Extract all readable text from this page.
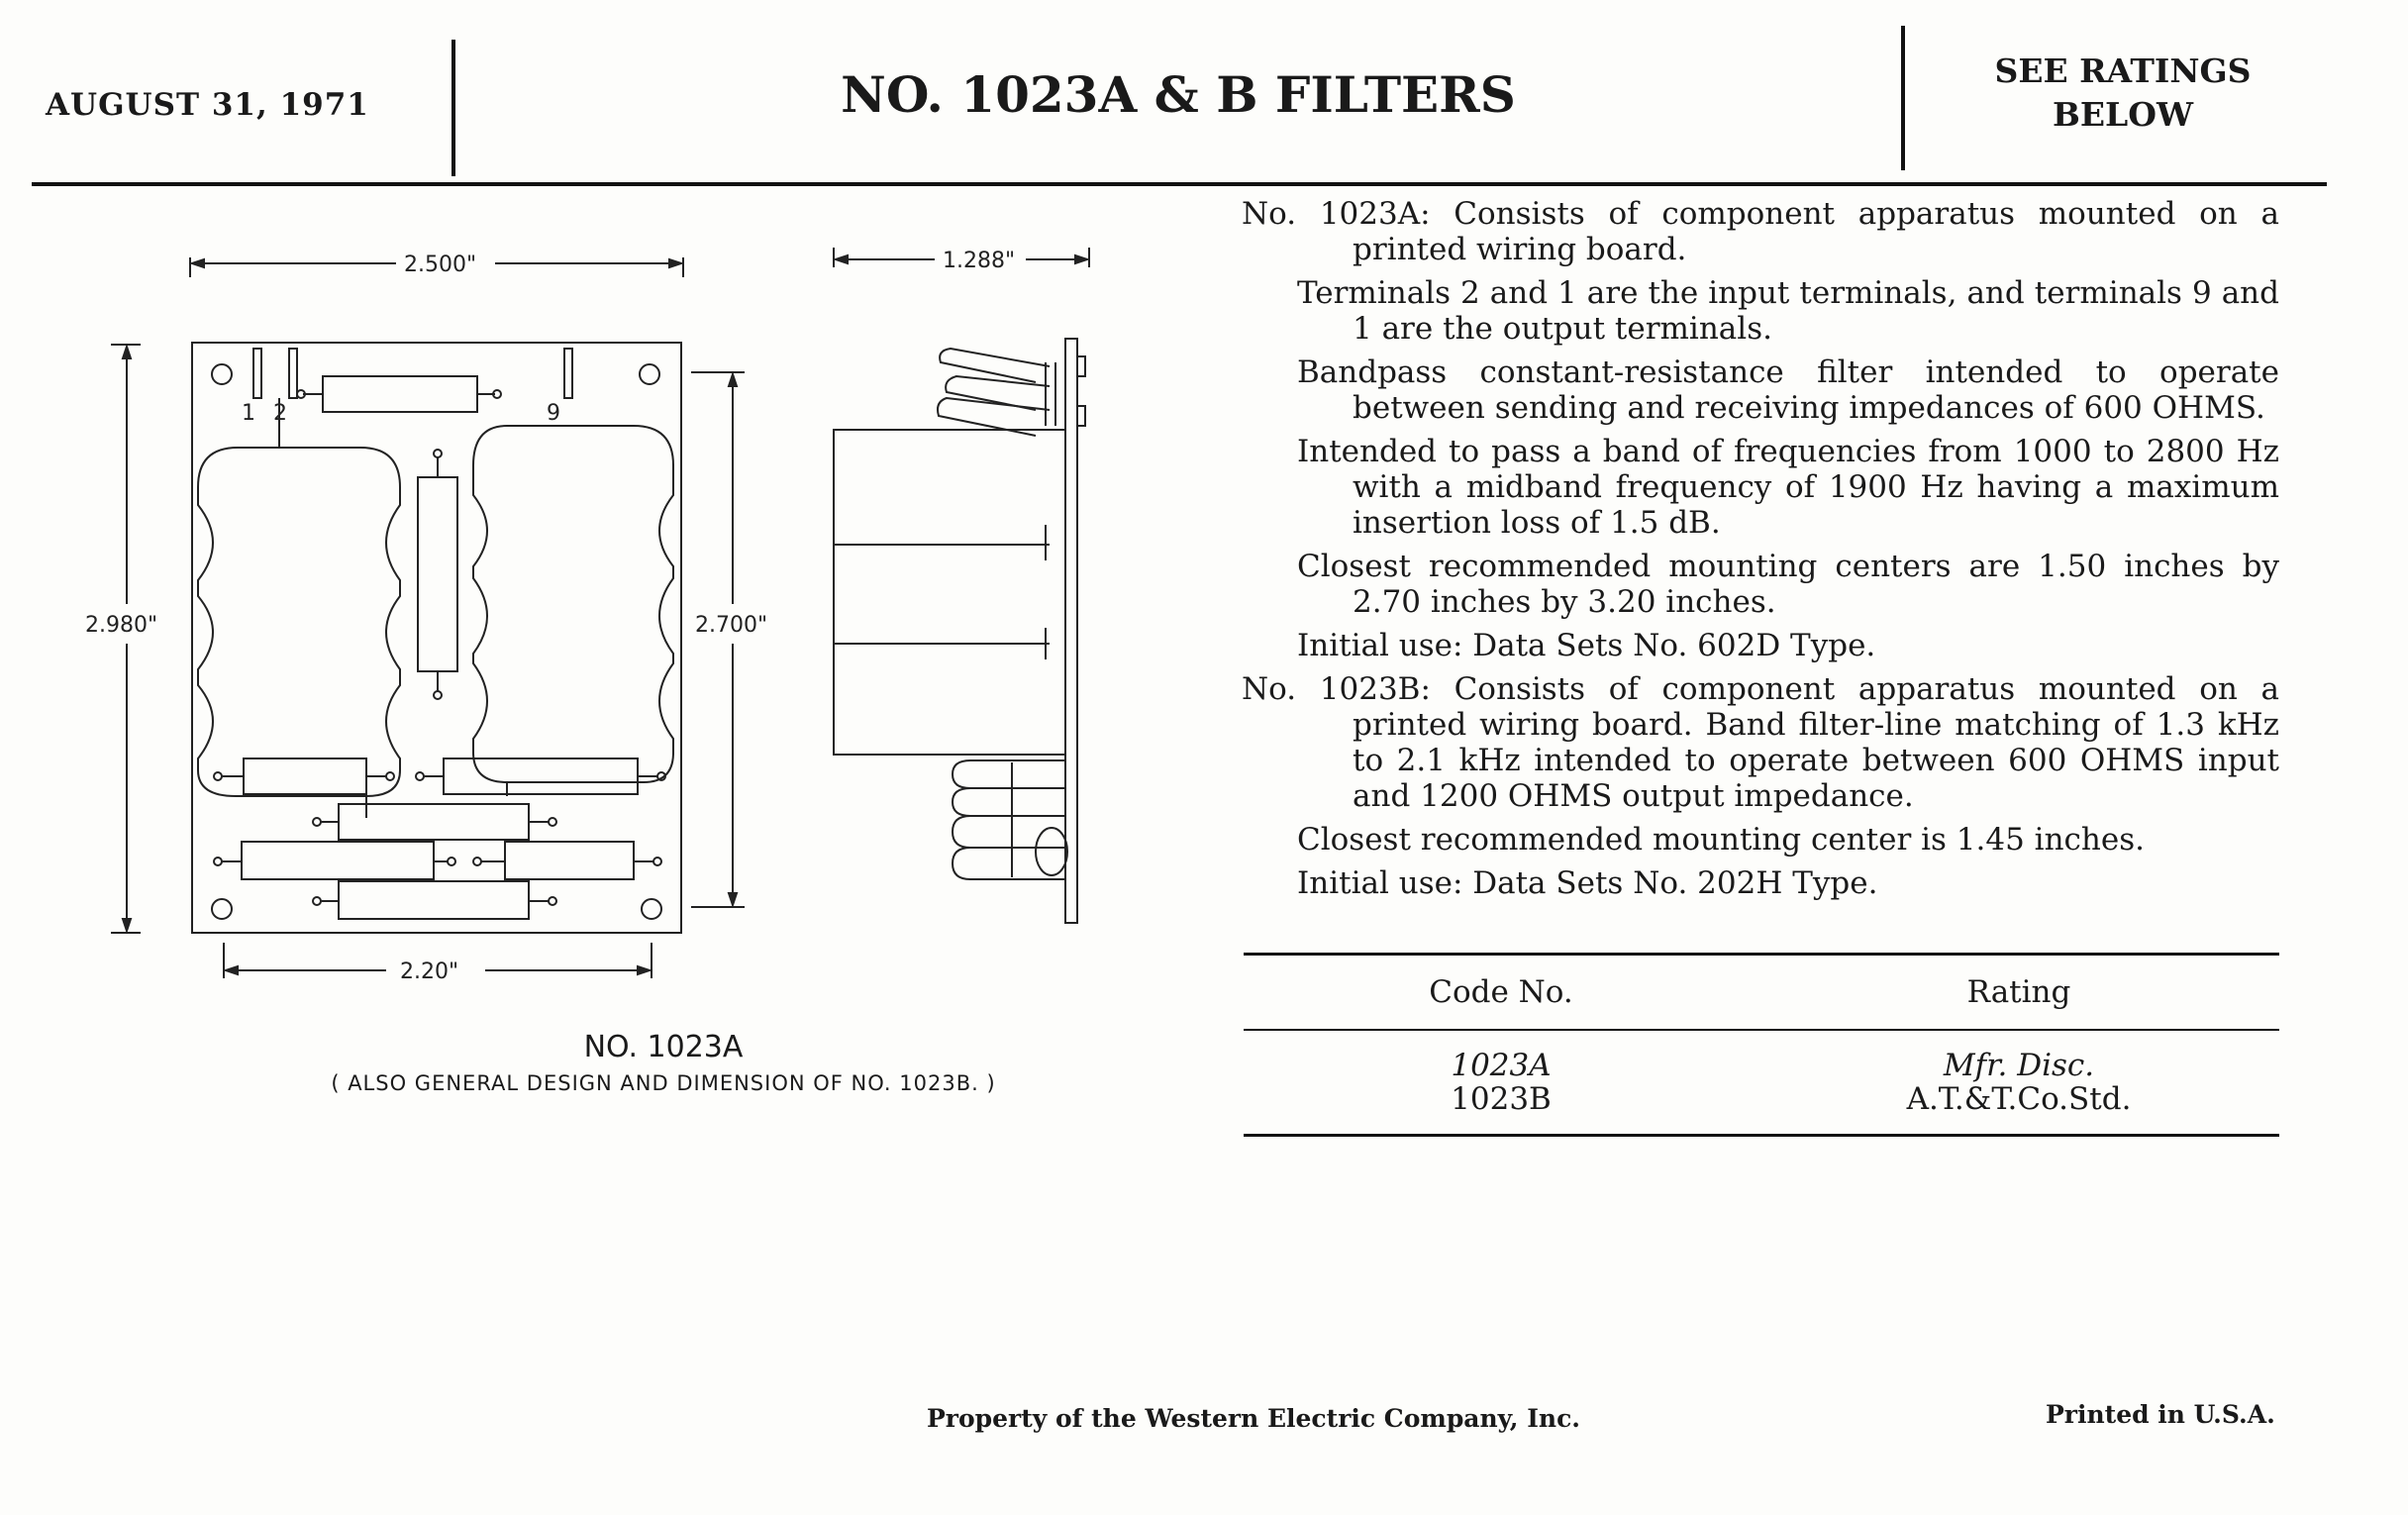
AUGUST 31, 1971	NO. 1023A & B FILTERS	SEE RATINGS
BELOW
2.500"
2.980"	2.700"
2.20"
1.288"
1 2	9
NO. 1023A
( ALSO GENERAL DESIGN AND DIMENSION OF NO. 1023B. )

No. 1023A: Consists of component apparatus mounted on a printed wiring board.

Terminals 2 and 1 are the input terminals, and terminals 9 and 1 are the output terminals.

Bandpass constant-resistance filter intended to operate between sending and receiving impedances of 600 OHMS.

Intended to pass a band of frequencies from 1000 to 2800 Hz with a midband frequency of 1900 Hz having a maximum insertion loss of 1.5 dB.

Closest recommended mounting centers are 1.50 inches by 2.70 inches by 3.20 inches.

Initial use: Data Sets No. 602D Type.

No. 1023B: Consists of component apparatus mounted on a printed wiring board. Band filter-line matching of 1.3 kHz to 2.1 kHz intended to operate between 600 OHMS input and 1200 OHMS output impedance.

Closest recommended mounting center is 1.45 inches.

Initial use: Data Sets No. 202H Type.

Code No.	Rating
1023A	Mfr. Disc.
1023B	A.T.&T.Co.Std.
Property of the Western Electric Company, Inc.	Printed in U.S.A.
